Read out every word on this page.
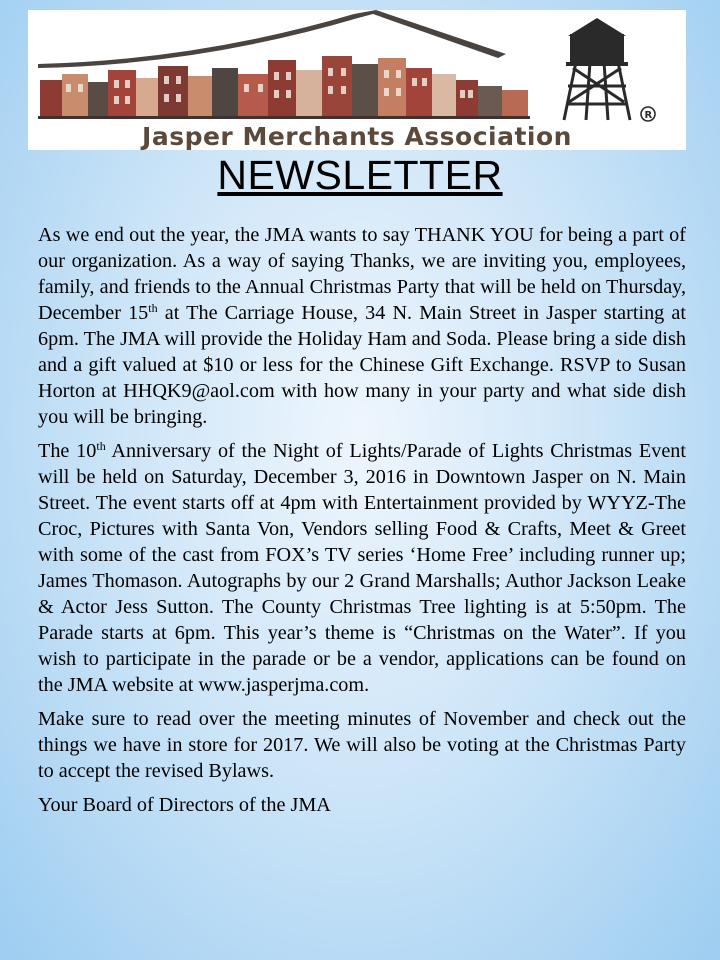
R
Jasper Merchants Association
NEWSLETTER

As we end out the year, the JMA wants to say THANK YOU for being a part of our organization. As a way of saying Thanks, we are inviting you, employees, family, and friends to the Annual Christmas Party that will be held on Thursday, December 15th at The Carriage House, 34 N. Main Street in Jasper starting at 6pm. The JMA will provide the Holiday Ham and Soda. Please bring a side dish and a gift valued at $10 or less for the Chinese Gift Exchange. RSVP to Susan Horton at HHQK9@aol.com with how many in your party and what side dish you will be bringing.

The 10th Anniversary of the Night of Lights/Parade of Lights Christmas Event will be held on Saturday, December 3, 2016 in Downtown Jasper on N. Main Street. The event starts off at 4pm with Entertainment provided by WYYZ-The Croc, Pictures with Santa Von, Vendors selling Food & Crafts, Meet & Greet with some of the cast from FOX’s TV series ‘Home Free’ including runner up; James Thomason. Autographs by our 2 Grand Marshalls; Author Jackson Leake & Actor Jess Sutton. The County Christmas Tree lighting is at 5:50pm. The Parade starts at 6pm. This year’s theme is “Christmas on the Water”. If you wish to participate in the parade or be a vendor, applications can be found on the JMA website at www.jasperjma.com.

Make sure to read over the meeting minutes of November and check out the things we have in store for 2017. We will also be voting at the Christmas Party to accept the revised Bylaws.

Your Board of Directors of the JMA
